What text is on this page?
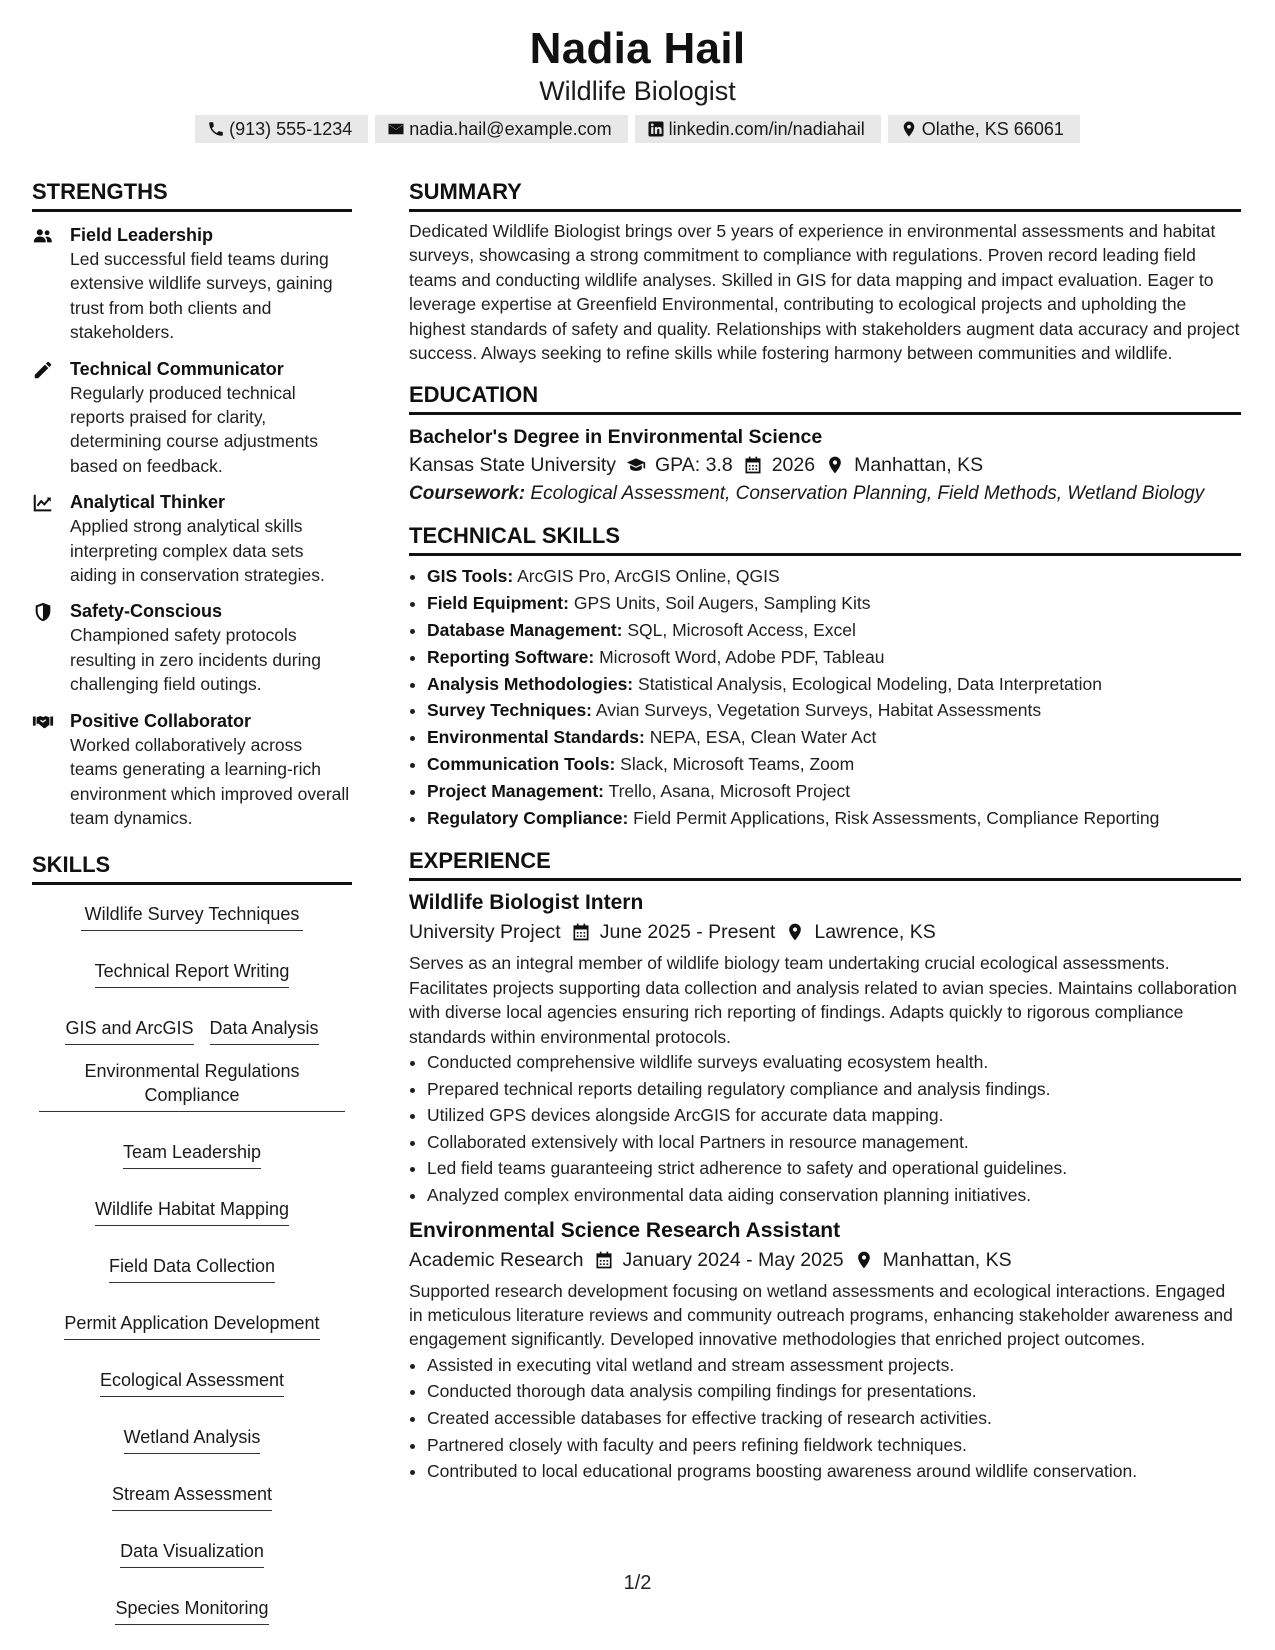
Nadia Hail
Wildlife Biologist
(913) 555-1234	nadia.hail@example.com	linkedin.com/in/nadiahail	Olathe, KS 66061
STRENGTHS
Field Leadership
Led successful field teams during extensive wildlife surveys, gaining trust from both clients and stakeholders.
Technical Communicator
Regularly produced technical reports praised for clarity, determining course adjustments based on feedback.
Analytical Thinker
Applied strong analytical skills interpreting complex data sets aiding in conservation strategies.
Safety-Conscious
Championed safety protocols resulting in zero incidents during challenging field outings.
Positive Collaborator
Worked collaboratively across teams generating a learning-rich environment which improved overall team dynamics.
SKILLS
Wildlife Survey Techniques
Technical Report Writing
GIS and ArcGIS Data Analysis
Environmental Regulations Compliance
Team Leadership
Wildlife Habitat Mapping
Field Data Collection
Permit Application Development
Ecological Assessment
Wetland Analysis
Stream Assessment
Data Visualization
Species Monitoring
SUMMARY
Dedicated Wildlife Biologist brings over 5 years of experience in environmental assessments and habitat surveys, showcasing a strong commitment to compliance with regulations. Proven record leading field teams and conducting wildlife analyses. Skilled in GIS for data mapping and impact evaluation. Eager to leverage expertise at Greenfield Environmental, contributing to ecological projects and upholding the highest standards of safety and quality. Relationships with stakeholders augment data accuracy and project success. Always seeking to refine skills while fostering harmony between communities and wildlife.
EDUCATION
Bachelor's Degree in Environmental Science
Kansas State University GPA: 3.8 2026 Manhattan, KS
Coursework: Ecological Assessment, Conservation Planning, Field Methods, Wetland Biology
TECHNICAL SKILLS
• GIS Tools: ArcGIS Pro, ArcGIS Online, QGIS
• Field Equipment: GPS Units, Soil Augers, Sampling Kits
• Database Management: SQL, Microsoft Access, Excel
• Reporting Software: Microsoft Word, Adobe PDF, Tableau
• Analysis Methodologies: Statistical Analysis, Ecological Modeling, Data Interpretation
• Survey Techniques: Avian Surveys, Vegetation Surveys, Habitat Assessments
• Environmental Standards: NEPA, ESA, Clean Water Act
• Communication Tools: Slack, Microsoft Teams, Zoom
• Project Management: Trello, Asana, Microsoft Project
• Regulatory Compliance: Field Permit Applications, Risk Assessments, Compliance Reporting
EXPERIENCE
Wildlife Biologist Intern
University Project June 2025 - Present Lawrence, KS
Serves as an integral member of wildlife biology team undertaking crucial ecological assessments. Facilitates projects supporting data collection and analysis related to avian species. Maintains collaboration with diverse local agencies ensuring rich reporting of findings. Adapts quickly to rigorous compliance standards within environmental protocols.
• Conducted comprehensive wildlife surveys evaluating ecosystem health.
• Prepared technical reports detailing regulatory compliance and analysis findings.
• Utilized GPS devices alongside ArcGIS for accurate data mapping.
• Collaborated extensively with local Partners in resource management.
• Led field teams guaranteeing strict adherence to safety and operational guidelines.
• Analyzed complex environmental data aiding conservation planning initiatives.
Environmental Science Research Assistant
Academic Research January 2024 - May 2025 Manhattan, KS
Supported research development focusing on wetland assessments and ecological interactions. Engaged in meticulous literature reviews and community outreach programs, enhancing stakeholder awareness and engagement significantly. Developed innovative methodologies that enriched project outcomes.
• Assisted in executing vital wetland and stream assessment projects.
• Conducted thorough data analysis compiling findings for presentations.
• Created accessible databases for effective tracking of research activities.
• Partnered closely with faculty and peers refining fieldwork techniques.
• Contributed to local educational programs boosting awareness around wildlife conservation.
1/2
